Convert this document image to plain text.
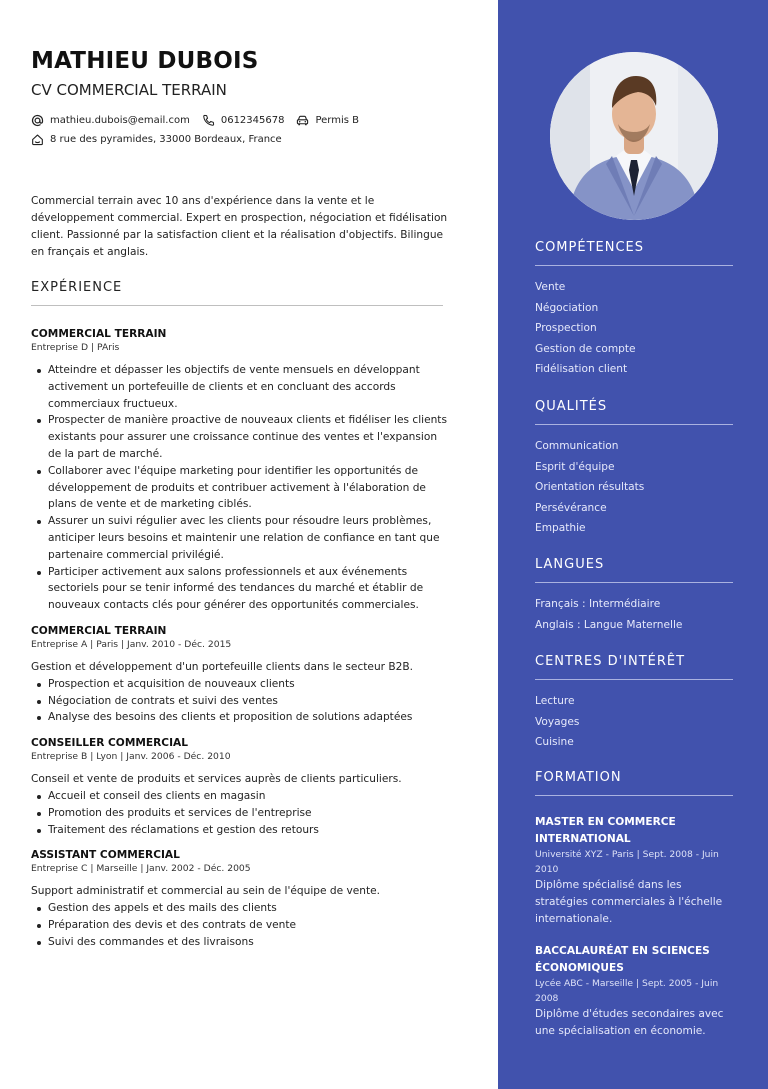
MATHIEU DUBOIS
CV COMMERCIAL TERRAIN
mathieu.dubois@email.com	0612345678	Permis B
8 rue des pyramides, 33000 Bordeaux, France

Commercial terrain avec 10 ans d'expérience dans la vente et le développement commercial. Expert en prospection, négociation et fidélisation client. Passionné par la satisfaction client et la réalisation d'objectifs. Bilingue en français et anglais.

EXPÉRIENCE
COMMERCIAL TERRAIN
Entreprise D | PAris
Atteindre et dépasser les objectifs de vente mensuels en développant activement un portefeuille de clients et en concluant des accords commerciaux fructueux.
Prospecter de manière proactive de nouveaux clients et fidéliser les clients existants pour assurer une croissance continue des ventes et l'expansion de la part de marché.
Collaborer avec l'équipe marketing pour identifier les opportunités de développement de produits et contribuer activement à l'élaboration de plans de vente et de marketing ciblés.
Assurer un suivi régulier avec les clients pour résoudre leurs problèmes, anticiper leurs besoins et maintenir une relation de confiance en tant que partenaire commercial privilégié.
Participer activement aux salons professionnels et aux événements sectoriels pour se tenir informé des tendances du marché et établir de nouveaux contacts clés pour générer des opportunités commerciales.
COMMERCIAL TERRAIN
Entreprise A | Paris | Janv. 2010 - Déc. 2015
Gestion et développement d'un portefeuille clients dans le secteur B2B.
Prospection et acquisition de nouveaux clients
Négociation de contrats et suivi des ventes
Analyse des besoins des clients et proposition de solutions adaptées
CONSEILLER COMMERCIAL
Entreprise B | Lyon | Janv. 2006 - Déc. 2010
Conseil et vente de produits et services auprès de clients particuliers.
Accueil et conseil des clients en magasin
Promotion des produits et services de l'entreprise
Traitement des réclamations et gestion des retours
ASSISTANT COMMERCIAL
Entreprise C | Marseille | Janv. 2002 - Déc. 2005
Support administratif et commercial au sein de l'équipe de vente.
Gestion des appels et des mails des clients
Préparation des devis et des contrats de vente
Suivi des commandes et des livraisons
COMPÉTENCES
Vente
Négociation
Prospection
Gestion de compte
Fidélisation client
QUALITÉS
Communication
Esprit d'équipe
Orientation résultats
Persévérance
Empathie
LANGUES
Français : Intermédiaire
Anglais : Langue Maternelle
CENTRES D'INTÉRÊT
Lecture
Voyages
Cuisine
FORMATION
MASTER EN COMMERCE INTERNATIONAL
Université XYZ - Paris | Sept. 2008 - Juin 2010
Diplôme spécialisé dans les stratégies commerciales à l'échelle internationale.
BACCALAURÉAT EN SCIENCES ÉCONOMIQUES
Lycée ABC - Marseille | Sept. 2005 - Juin 2008
Diplôme d'études secondaires avec une spécialisation en économie.
